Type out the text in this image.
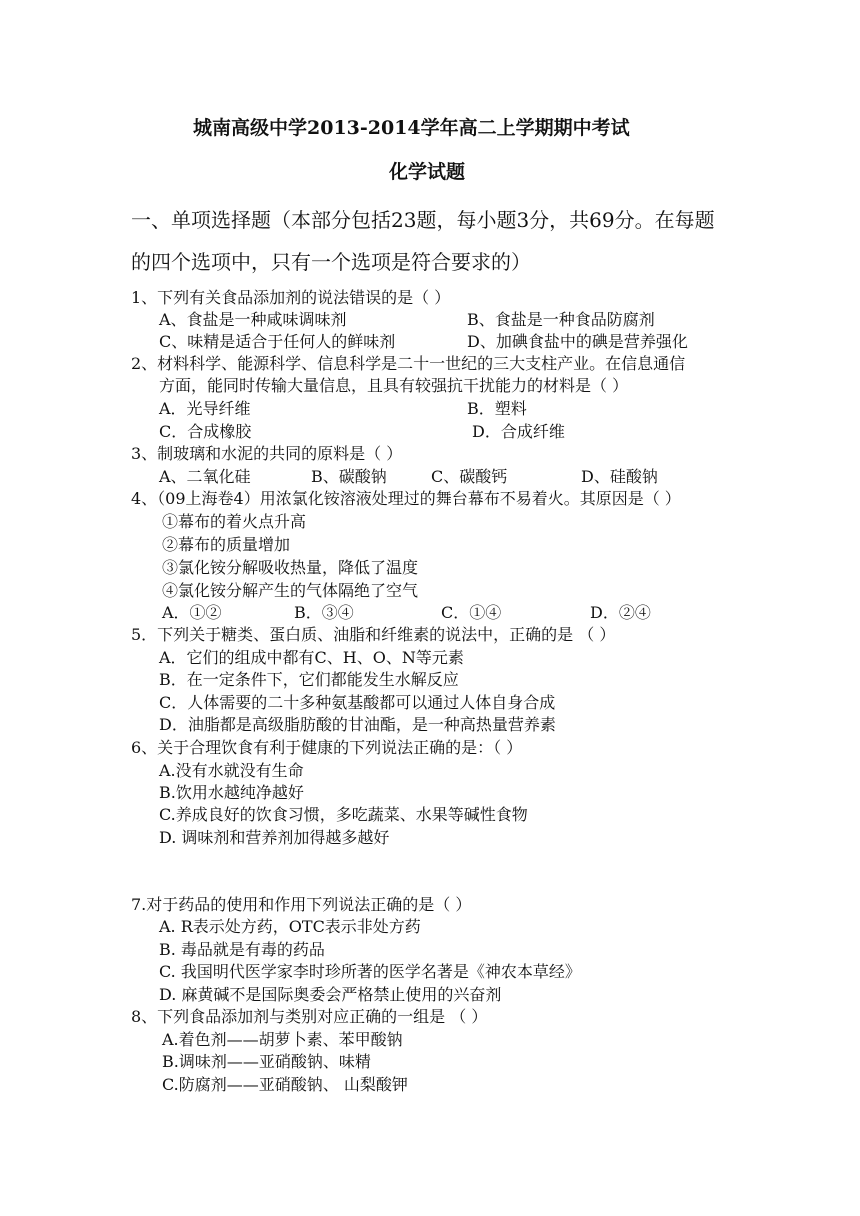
城南高级中学2013-2014学年高二上学期期中考试
化学试题
一、单项选择题（本部分包括23题，每小题3分，共69分。在每题
的四个选项中，只有一个选项是符合要求的）
1、下列有关食品添加剂的说法错误的是（ ）
A、食盐是一种咸味调味剂	B、食盐是一种食品防腐剂
C、味精是适合于任何人的鲜味剂	D、加碘食盐中的碘是营养强化
2、材料科学、能源科学、信息科学是二十一世纪的三大支柱产业。在信息通信
方面，能同时传输大量信息，且具有较强抗干扰能力的材料是（ ）
A．光导纤维	B．塑料
C．合成橡胶	D．合成纤维
3、制玻璃和水泥的共同的原料是（ ）
A、二氧化硅	B、碳酸钠	C、碳酸钙	D、硅酸钠
4、（09上海卷4）用浓氯化铵溶液处理过的舞台幕布不易着火。其原因是（ ）
①幕布的着火点升高
②幕布的质量增加
③氯化铵分解吸收热量，降低了温度
④氯化铵分解产生的气体隔绝了空气
A．①②	B．③④	C．①④	D．②④
5．下列关于糖类、蛋白质、油脂和纤维素的说法中，正确的是 （ ）
A．它们的组成中都有C、H、O、N等元素
B．在一定条件下，它们都能发生水解反应
C．人体需要的二十多种氨基酸都可以通过人体自身合成
D．油脂都是高级脂肪酸的甘油酯，是一种高热量营养素
6、关于合理饮食有利于健康的下列说法正确的是：（ ）
A.没有水就没有生命
B.饮用水越纯净越好
C.养成良好的饮食习惯，多吃蔬菜、水果等碱性食物
D. 调味剂和营养剂加得越多越好
7.对于药品的使用和作用下列说法正确的是（ ）
A. R表示处方药，OTC表示非处方药
B. 毒品就是有毒的药品
C. 我国明代医学家李时珍所著的医学名著是《神农本草经》
D. 麻黄碱不是国际奥委会严格禁止使用的兴奋剂
8、下列食品添加剂与类别对应正确的一组是 （ ）
A.着色剂——胡萝卜素、苯甲酸钠
B.调味剂——亚硝酸钠、味精
C.防腐剂——亚硝酸钠、 山梨酸钾
